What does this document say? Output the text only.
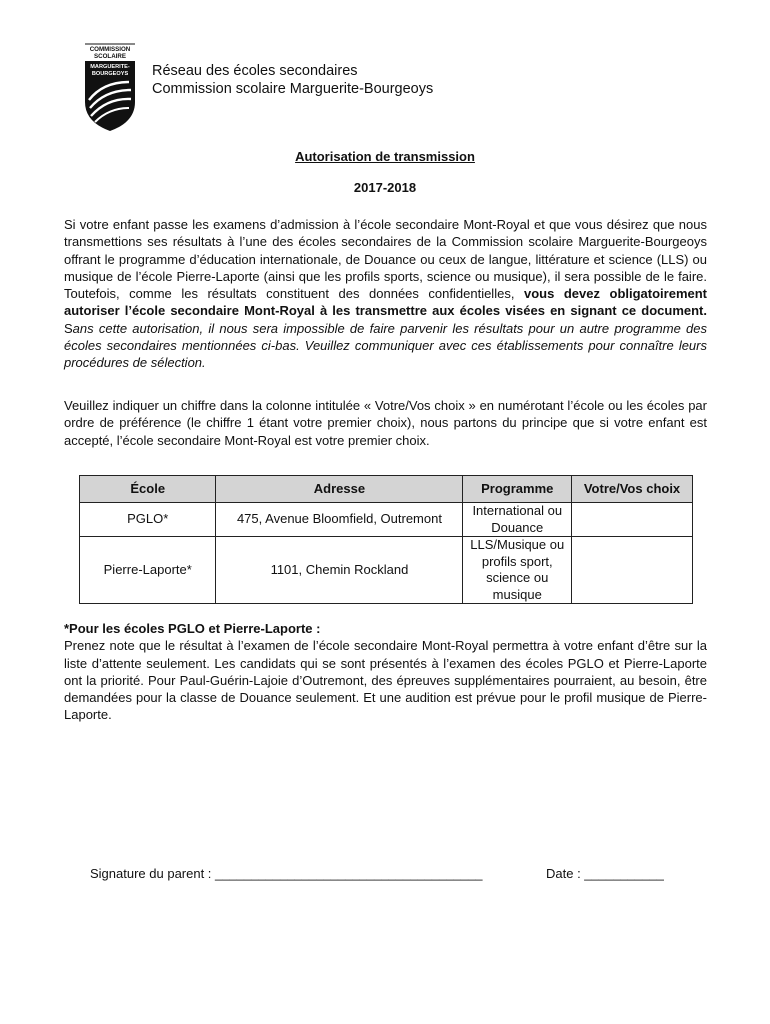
COMMISSION
SCOLAIRE
MARGUERITE-
BOURGEOYS Réseau des écoles secondaires
Commission scolaire Marguerite-Bourgeoys
Autorisation de transmission
2017-2018
Si votre enfant passe les examens d’admission à l’école secondaire Mont-Royal et que vous désirez que nous transmettions ses résultats à l’une des écoles secondaires de la Commission scolaire Marguerite-Bourgeoys offrant le programme d’éducation internationale, de Douance ou ceux de langue, littérature et science (LLS) ou musique de l’école Pierre-Laporte (ainsi que les profils sports, science ou musique), il sera possible de le faire. Toutefois, comme les résultats constituent des données confidentielles, vous devez obligatoirement autoriser l’école secondaire Mont-Royal à les transmettre aux écoles visées en signant ce document. Sans cette autorisation, il nous sera impossible de faire parvenir les résultats pour un autre programme des écoles secondaires mentionnées ci-bas. Veuillez communiquer avec ces établissements pour connaître leurs procédures de sélection.
Veuillez indiquer un chiffre dans la colonne intitulée « Votre/Vos choix » en numérotant l’école ou les écoles par ordre de préférence (le chiffre 1 étant votre premier choix), nous partons du principe que si votre enfant est accepté, l’école secondaire Mont-Royal est votre premier choix.
École	Adresse	Programme	Votre/Vos choix
PGLO*	475, Avenue Bloomfield, Outremont	International ou Douance	
Pierre-Laporte*	1101, Chemin Rockland	LLS/Musique ou profils sport, science ou musique	
*Pour les écoles PGLO et Pierre-Laporte :
Prenez note que le résultat à l’examen de l’école secondaire Mont-Royal permettra à votre enfant d’être sur la liste d’attente seulement. Les candidats qui se sont présentés à l’examen des écoles PGLO et Pierre-Laporte ont la priorité. Pour Paul-Guérin-Lajoie d’Outremont, des épreuves supplémentaires pourraient, au besoin, être demandées pour la classe de Douance seulement. Et une audition est prévue pour le profil musique de Pierre-Laporte.
Signature du parent : _____________________________________	Date : ___________
